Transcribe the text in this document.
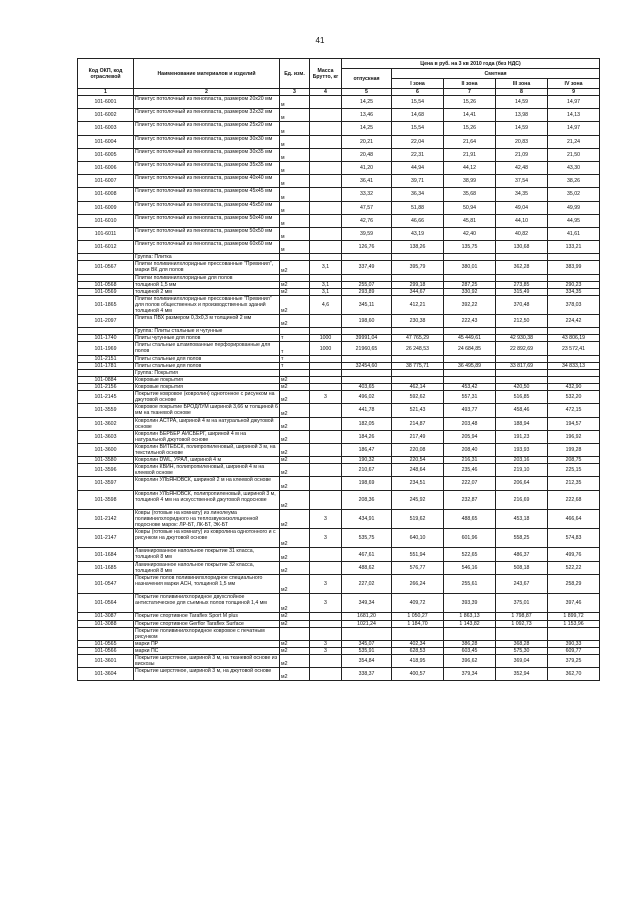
41
Код ОКП, код отраслевой	Наименование материалов и изделий	Ед. изм.	Масса Брутто, кг	Цена в руб. на 3 кв 2010 года (без НДС)				
				отпускная	Сметная			
					I зона	II зона	III зона	IV зона
1	2	3	4	5	6	7	8	9
101-6001	Плинтус потолочный из пенопласта, размером 20х20 мм	м		14,25	15,54	15,26	14,59	14,97
101-6002	Плинтус потолочный из пенопласта, размером 32х32 мм	м		13,46	14,68	14,41	13,98	14,13
101-6003	Плинтус потолочный из пенопласта, размером 25х20 мм	м		14,25	15,54	15,26	14,59	14,97
101-6004	Плинтус потолочный из пенопласта, размером 30х30 мм	м		20,21	22,04	21,64	20,83	21,24
101-6005	Плинтус потолочный из пенопласта, размером 30х35 мм	м		20,48	22,31	21,91	21,09	21,50
101-6006	Плинтус потолочный из пенопласта, размером 35х35 мм	м		41,20	44,94	44,12	42,48	43,30
101-6007	Плинтус потолочный из пенопласта, размером 40х40 мм	м		36,41	39,71	38,99	37,54	38,26
101-6008	Плинтус потолочный из пенопласта, размером 45х45 мм	м		33,32	36,34	35,68	34,35	35,02
101-6009	Плинтус потолочный из пенопласта, размером 45х50 мм	м		47,57	51,88	50,94	49,04	49,99
101-6010	Плинтус потолочный из пенопласта, размером 50х40 мм	м		42,76	46,66	45,81	44,10	44,95
101-6011	Плинтус потолочный из пенопласта, размером 50х50 мм	м		39,59	43,19	42,40	40,82	41,61
101-6012	Плинтус потолочный из пенопласта, размером 60х60 мм	м		126,76	138,26	135,75	130,68	133,21
	Группа: Плитка							
101-0567	Плитки поливинилхлоридные прессованные "Превинил", марки ВК для полов	м2	3,1	337,49	395,79	380,01	362,28	383,99
	Плитки поливинилхлоридные для полов							
101-0568	толщиной 1,5 мм	м2	3,1	255,07	299,18	287,25	273,85	290,23
101-0569	толщиной 2 мм	м2	3,1	293,89	344,67	330,92	315,49	334,35
101-1865	Плитки поливинилхлоридные прессованные "Превинил" для полов общественных и производственных зданий толщиной 4 мм	м2	4,6	345,11	412,21	392,22	370,48	378,03
101-2097	Плитка ПВХ размером 0,3х0,3 м толщиной 2 мм	м2		198,60	230,38	222,43	212,50	224,42
	Группа: Плиты стальные и чугунные							
101-1740	Плиты чугунные для полов	т	1000	39991,04	47 765,29	45 449,61	42 930,38	43 806,19
101-1969	Плиты стальные штампованные перфорированные для полов	т	1000	21960,65	26 248,53	24 684,85	22 892,69	23 572,41
101-2151	Плиты стальные для полов	т						
101-1781	Плиты стальные для полов	т		32454,60	38 775,71	36 495,89	33 817,69	34 833,13
	Группа: Покрытия							
101-0884	Ковровые покрытия	м2						
101-2156	Ковровые покрытия	м2		403,65	462,14	453,42	420,50	432,90
101-2145	Покрытие ковровое (ковролин) однотонное с рисунком на джутовой основе	м2	3	496,02	592,62	557,31	516,85	532,20
101-3559	Ковровое покрытие БРОДЛУМ шириной 3,66 м толщиной 6 мм на тканевой основе	м2		441,78	521,43	493,77	458,46	472,15
101-3602	Ковролин АСТРА, шириной 4 м на натуральной джутовой основе	м2		182,05	214,87	203,48	188,94	194,57
101-3603	Ковролин БЕРБЕР АЙСБЕРГ, шириной 4 м на натуральной джутовой основе	м2		184,26	217,49	205,94	191,23	196,92
101-3600	Ковролин ВИТЕБСК, полипропиленовый, шириной 3 м, на текстильной основе	м2		186,47	220,08	208,40	193,93	199,28
101-3580	Ковролин DWL, УРАЛ, шириной 4 м	м2		190,32	220,54	216,31	203,16	208,75
101-3596	Ковролин КВИН, полипропиленовый, шириной 4 м на клеевой основе	м2		210,67	248,64	235,46	219,10	225,15
101-3597	Ковролин УЛЬЯНОВСК, шириной 2 м на клеевой основе	м2		198,69	234,51	222,07	206,64	212,35
101-3598	Ковролин УЛЬЯНОВСК, полипропиленовый, шириной 3 м, толщиной 4 мм на искусственной джутовой подоснове	м2		208,36	245,92	232,87	216,69	222,68
101-2142	Ковры (готовые на комнату) из линолеума поливинилхлоридного на теплозвукоизоляционной подоснове марок: ЛР-БТ, ЛК-БТ, ЭК-БТ	м2	3	434,91	519,62	488,65	453,18	466,64
101-2147	Ковры (готовые на комнату) из ковролина однотонного и с рисунком на джутовой основе	м2	3	535,75	640,10	601,96	558,25	574,83
101-1684	Ламинированное напольное покрытие 31 класса, толщиной 8 мм	м2		467,61	551,94	522,65	486,37	499,76
101-1685	Ламинированное напольное покрытие 32 класса, толщиной 8 мм	м2		488,62	576,77	546,16	508,18	522,22
101-0547	Покрытие полов поливинилхлоридное специального назначения марки АСН, толщиной 1,5 мм	м2	3	227,02	266,24	255,61	243,67	258,29
101-0564	Покрытие поливинилхлоридное двухслойное антистатическое для съемных полов толщиной 1,4 мм	м2	3	349,34	409,72	393,39	375,01	397,46
101-3087	Покрытие спортивное Taraflex Sport M plus	м2		1681,20	1 050,27	1 863,13	1 798,87	1 899,72
101-3088	Покрытие спортивное Gerflor Taraflex Surface	м2		1021,24	1 184,70	1 143,82	1 092,73	1 153,96
	Покрытие поливинилхлоридное ковровое с печатным рисунком							
101-0565	марки ПР	м2	3	345,07	402,34	386,28	368,28	390,33
101-0566	марки ПС	м2	3	535,91	628,53	603,45	575,30	609,77
101-3601	Покрытие шерстяное, шириной 3 м, на тканевой основе из вискозы	м2		354,84	418,95	396,62	369,04	379,25
101-3604	Покрытие шерстяное, шириной 3 м, на джутовой основе	м2		338,37	400,57	379,34	352,94	362,70
